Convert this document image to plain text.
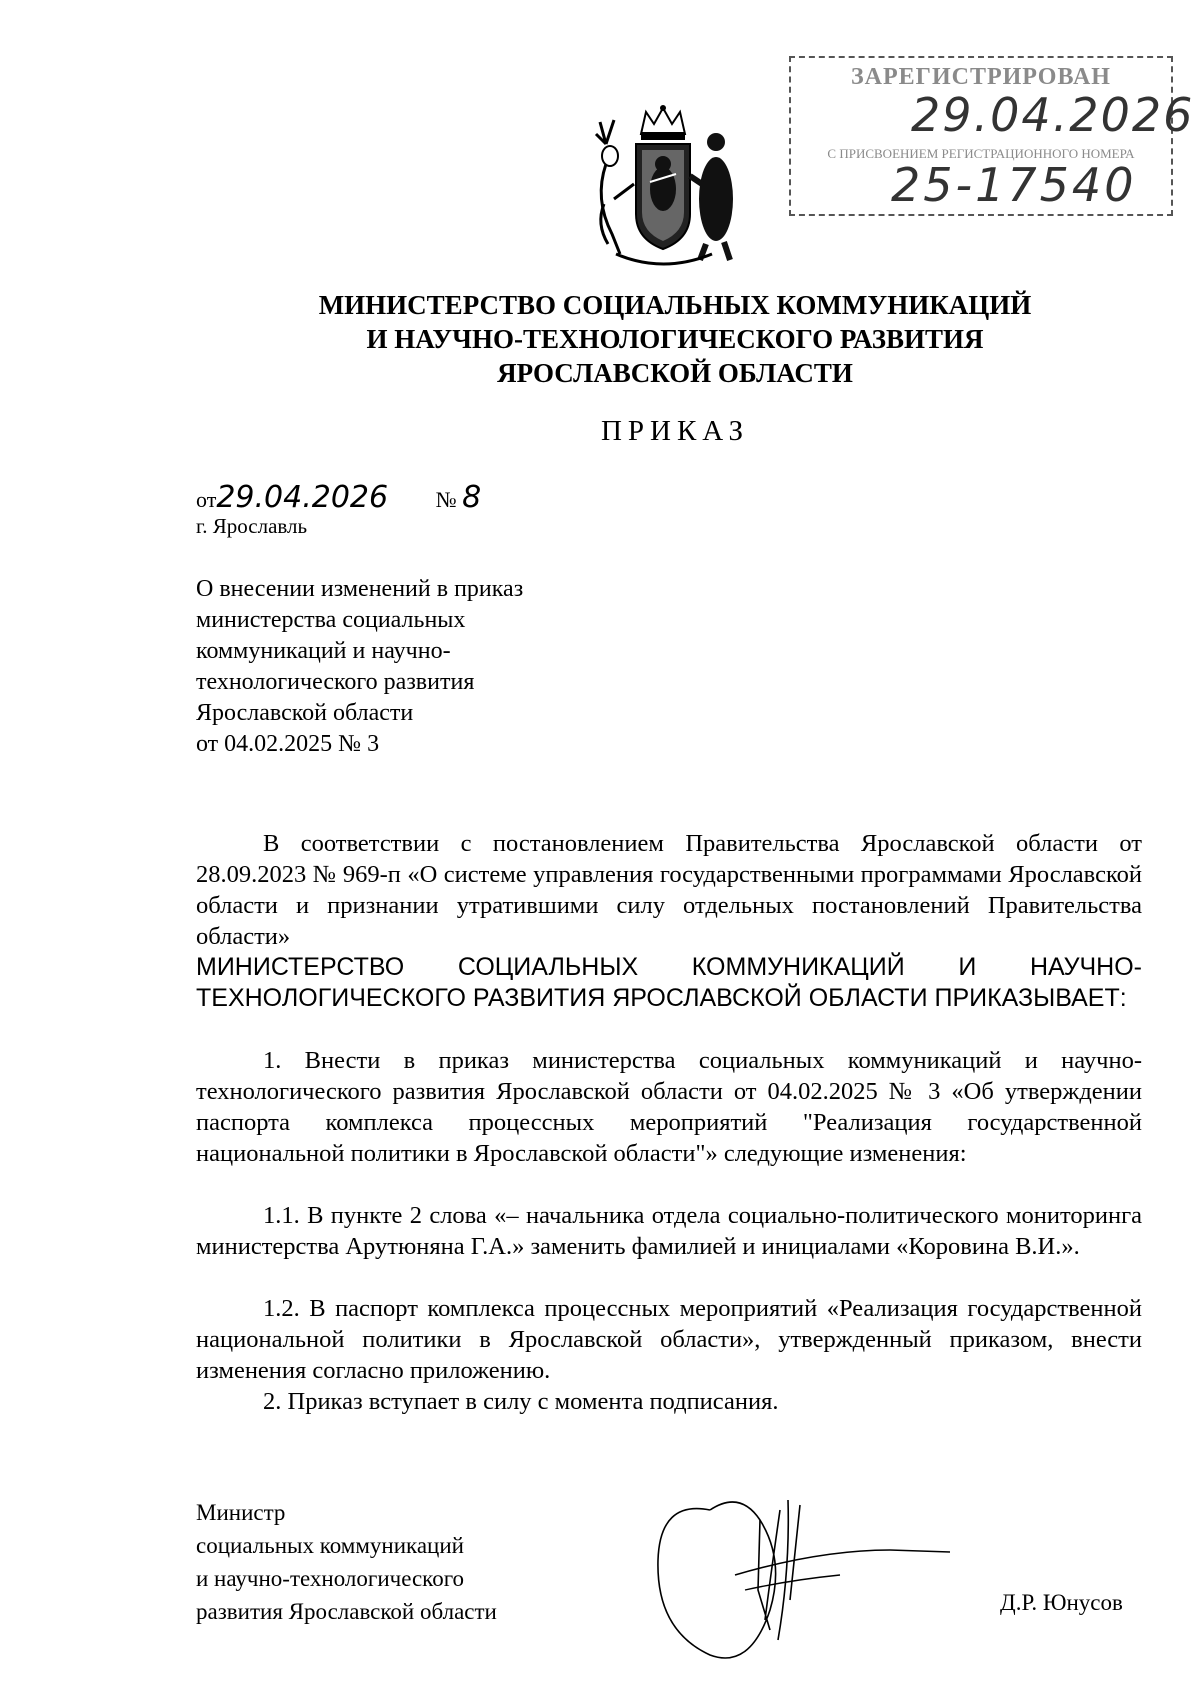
ЗАРЕГИСТРИРОВАН
29.04.2026
С ПРИСВОЕНИЕМ РЕГИСТРАЦИОННОГО НОМЕРА
25-17540
МИНИСТЕРСТВО СОЦИАЛЬНЫХ КОММУНИКАЦИЙ
И НАУЧНО-ТЕХНОЛОГИЧЕСКОГО РАЗВИТИЯ
ЯРОСЛАВСКОЙ ОБЛАСТИ
ПРИКАЗ
от29.04.2026 № 8
г. Ярославль
О внесении изменений в приказ
министерства социальных
коммуникаций и научно-
технологического развития
Ярославской области
от 04.02.2025 № 3
В соответствии с постановлением Правительства Ярославской области от 28.09.2023 № 969-п «О системе управления государственными программами Ярославской области и признании утратившими силу отдельных постановлений Правительства области»
МИНИСТЕРСТВО СОЦИАЛЬНЫХ КОММУНИКАЦИЙ И НАУЧНО-ТЕХНОЛОГИЧЕСКОГО РАЗВИТИЯ ЯРОСЛАВСКОЙ ОБЛАСТИ ПРИКАЗЫВАЕТ:
1. Внести в приказ министерства социальных коммуникаций и научно-технологического развития Ярославской области от 04.02.2025 № 3 «Об утверждении паспорта комплекса процессных мероприятий "Реализация государственной национальной политики в Ярославской области"» следующие изменения:
1.1. В пункте 2 слова «– начальника отдела социально-политического мониторинга министерства Арутюняна Г.А.» заменить фамилией и инициалами «Коровина В.И.».
1.2. В паспорт комплекса процессных мероприятий «Реализация государственной национальной политики в Ярославской области», утвержденный приказом, внести изменения согласно приложению.
2. Приказ вступает в силу с момента подписания.
Министр
социальных коммуникаций
и научно-технологического
развития Ярославской области	Д.Р. Юнусов
